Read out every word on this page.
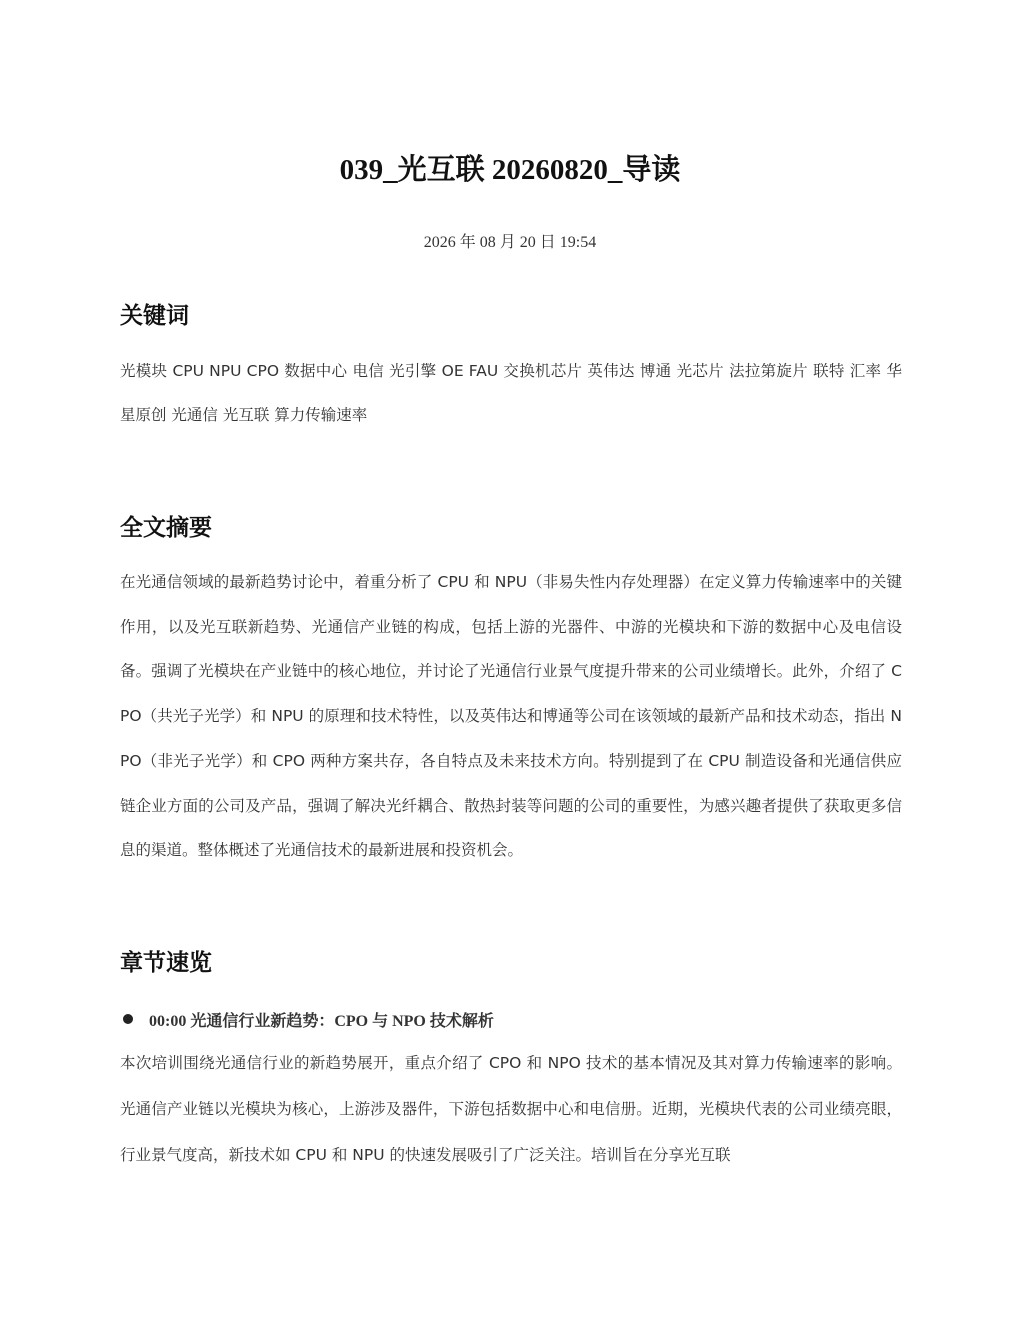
039_光互联 20260820_导读
2026 年 08 月 20 日 19:54
关键词

光模块 CPU NPU CPO 数据中心 电信 光引擎 OE FAU 交换机芯片 英伟达 博通 光芯片 法拉第旋片 联特 汇率 华星原创 光通信 光互联 算力传输速率

全文摘要

在光通信领域的最新趋势讨论中，着重分析了 CPU 和 NPU（非易失性内存处理器）在定义算力传输速率中的关键作用，以及光互联新趋势、光通信产业链的构成，包括上游的光器件、中游的光模块和下游的数据中心及电信设备。强调了光模块在产业链中的核心地位，并讨论了光通信行业景气度提升带来的公司业绩增长。此外，介绍了 CPO（共光子光学）和 NPU 的原理和技术特性，以及英伟达和博通等公司在该领域的最新产品和技术动态，指出 NPO（非光子光学）和 CPO 两种方案共存，各自特点及未来技术方向。特别提到了在 CPU 制造设备和光通信供应链企业方面的公司及产品，强调了解决光纤耦合、散热封装等问题的公司的重要性，为感兴趣者提供了获取更多信息的渠道。整体概述了光通信技术的最新进展和投资机会。

章节速览
00:00 光通信行业新趋势：CPO 与 NPO 技术解析

本次培训围绕光通信行业的新趋势展开，重点介绍了 CPO 和 NPO 技术的基本情况及其对算力传输速率的影响。光通信产业链以光模块为核心，上游涉及器件，下游包括数据中心和电信册。近期，光模块代表的公司业绩亮眼，行业景气度高，新技术如 CPU 和 NPU 的快速发展吸引了广泛关注。培训旨在分享光互联
